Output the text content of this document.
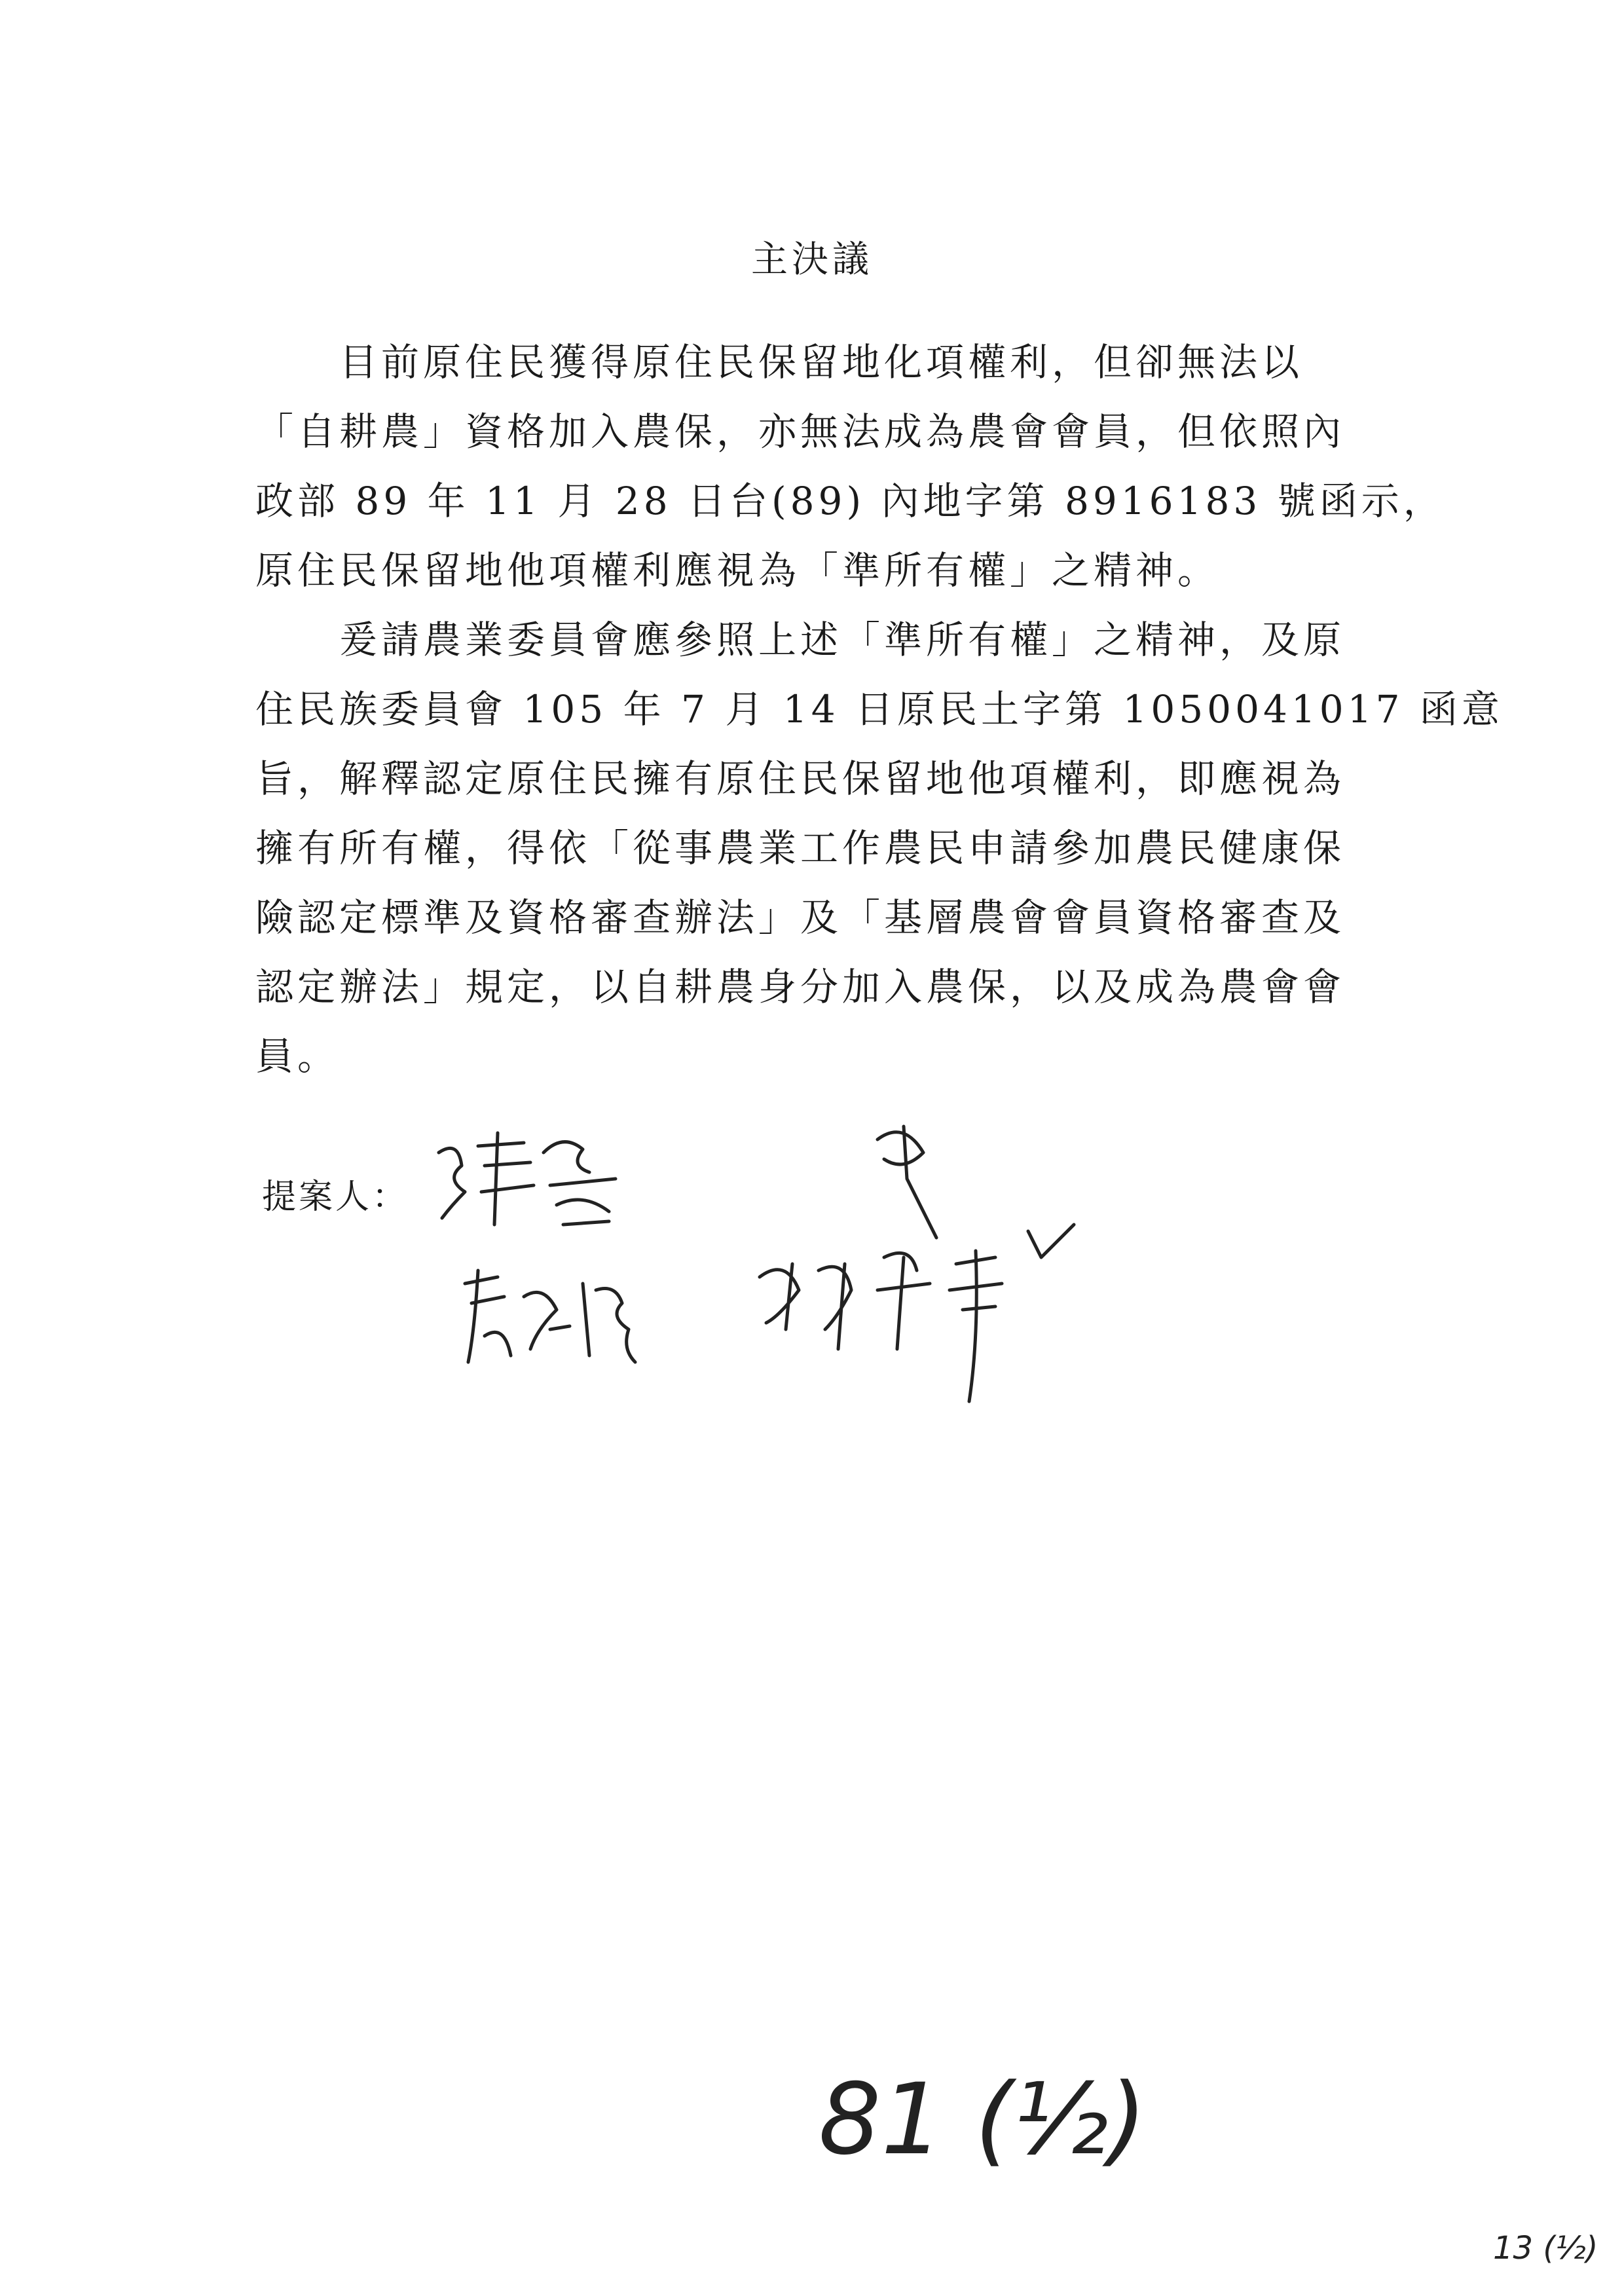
主決議
　　目前原住民獲得原住民保留地化項權利，但卻無法以
「自耕農」資格加入農保，亦無法成為農會會員，但依照內
政部 89 年 11 月 28 日台(89) 內地字第 8916183 號函示，
原住民保留地他項權利應視為「準所有權」之精神。
　　爰請農業委員會應參照上述「準所有權」之精神，及原
住民族委員會 105 年 7 月 14 日原民土字第 1050041017 函意
旨，解釋認定原住民擁有原住民保留地他項權利，即應視為
擁有所有權，得依「從事農業工作農民申請參加農民健康保
險認定標準及資格審查辦法」及「基層農會會員資格審查及
認定辦法」規定，以自耕農身分加入農保，以及成為農會會
員。
提案人：
81 (½)
13 (½)
